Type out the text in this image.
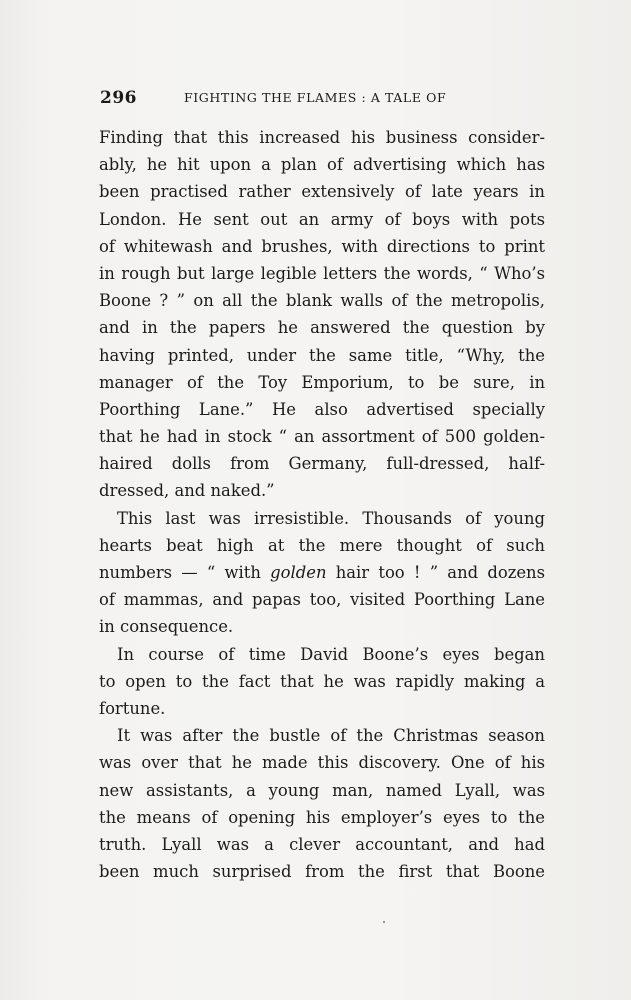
296	FIGHTING THE FLAMES : A TALE OF
Finding that this increased his business consider-
ably, he hit upon a plan of advertising which has
been practised rather extensively of late years in
London. He sent out an army of boys with pots
of whitewash and brushes, with directions to print
in rough but large legible letters the words, “ Who’s
Boone ? ” on all the blank walls of the metropolis,
and in the papers he answered the question by
having printed, under the same title, “Why, the
manager of the Toy Emporium, to be sure, in
Poorthing Lane.” He also advertised specially
that he had in stock “ an assortment of 500 golden-
haired dolls from Germany, full-dressed, half-
dressed, and naked.”
This last was irresistible. Thousands of young
hearts beat high at the mere thought of such
numbers — “ with golden hair too ! ” and dozens
of mammas, and papas too, visited Poorthing Lane
in consequence.
In course of time David Boone’s eyes began
to open to the fact that he was rapidly making a
fortune.
It was after the bustle of the Christmas season
was over that he made this discovery. One of his
new assistants, a young man, named Lyall, was
the means of opening his employer’s eyes to the
truth. Lyall was a clever accountant, and had
been much surprised from the first that Boone
